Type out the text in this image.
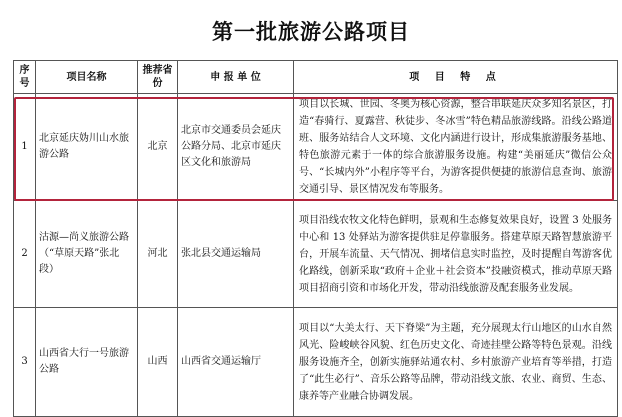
第一批旅游公路项目
序号	项目名称	推荐省份	申 报 单 位	项 目 特 点
1	北京延庆妫川山水旅游公路	北京	北京市交通委员会延庆公路分局、北京市延庆区文化和旅游局	项目以长城、世园、冬奥为核心资源，整合串联延庆众多知名景区，打造“春骑行、夏露营、秋徒步、冬冰雪”特色精品旅游线路。沿线公路道班、服务站结合人文环境、文化内涵进行设计，形成集旅游服务基地、特色旅游元素于一体的综合旅游服务设施。构建“美丽延庆”微信公众号、“长城内外”小程序等平台，为游客提供便捷的旅游信息查询、旅游交通引导、景区情况发布等服务。
2	沽源—尚义旅游公路（“草原天路”张北段）	河北	张北县交通运输局	项目沿线农牧文化特色鲜明，景观和生态修复效果良好，设置 3 处服务中心和 13 处驿站为游客提供驻足停靠服务。搭建草原天路智慧旅游平台，开展车流量、天气情况、拥堵信息实时监控，及时提醒自驾游客优化路线，创新采取“政府＋企业＋社会资本”投融资模式，推动草原天路项目招商引资和市场化开发，带动沿线旅游及配套服务业发展。
3	山西省大行一号旅游公路	山西	山西省交通运输厅	项目以“大美太行、天下脊梁”为主题，充分展现太行山地区的山水自然风光、险峻峡谷风貌、红色历史文化、奇迹挂壁公路等特色景观。沿线服务设施齐全，创新实施驿站通农村、乡村旅游产业培育等举措，打造了“此生必行”、音乐公路等品牌，带动沿线文旅、农业、商贸、生态、康养等产业融合协调发展。
